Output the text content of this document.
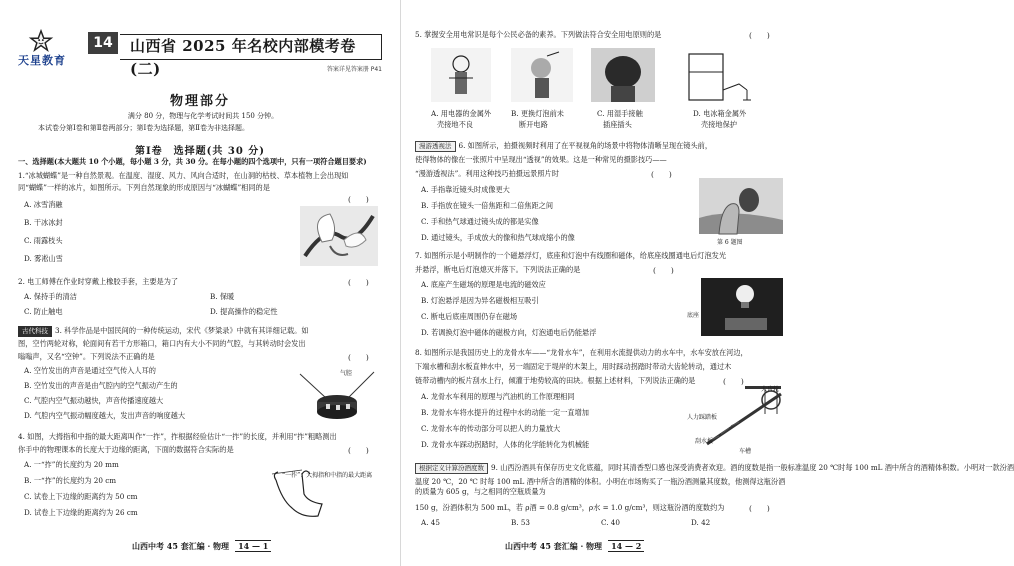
天星教育
14	山西省 2025 年名校内部模考卷(二)	答案详见答案册 P41
物理部分
满分 80 分，物理与化学考试时间共 150 分钟。
本试卷分第Ⅰ卷和第Ⅱ卷两部分；第Ⅰ卷为选择题，第Ⅱ卷为非选择题。
第Ⅰ卷　选择题(共 30 分)
一、选择题(本大题共 10 个小题，每小题 3 分，共 30 分。在每小题的四个选项中，只有一项符合题目要求)
1.“冰城蝴蝶”是一种自然景观。在温度、湿度、风力、风向合适时，在山洞的枯枝、草本植物上会出现如
同“蝴蝶”一样的冰片，如图所示。下列自然现象的形成原因与“冰蝴蝶”相同的是
(　　)
A. 冰雪消融
B. 干冰冰封
C. 雨露枝头
D. 雾凇山雪
2. 电工师傅在作业时穿戴上橡胶手套，主要是为了	(　　)
A. 保持手的清洁	B. 保暖
C. 防止触电	D. 提高操作的稳定性
古代科技 3. 科学作品是中国民间的一种传统运动，宋代《梦粱录》中就有其详细记载。如
图，空竹两轮对称，轮面间有若干方形箱口，箱口内有大小不同的气腔，与其转动时会发出
嗡嗡声，又名“空钟”。下列说法不正确的是	(　　)
A. 空竹发出的声音是通过空气传入人耳的
B. 空竹发出的声音是由气腔内的空气振动产生的
C. 气腔内空气振动越快，声音传播速度越大
D. 气腔内空气振动幅度越大，发出声音的响度越大
气腔
4. 如图，大拇指和中指的最大距离叫作“一拃”，拃根据经验估计“一拃”的长度，并利用“拃”粗略测出
你手中的物理课本的长度大于边缘的距离，下面的数据符合实际的是	(　　)
A. 一“拃”的长度约为 20 mm
B. 一“拃”的长度约为 20 cm
C. 试卷上下边缘的距离约为 50 cm
D. 试卷上下边缘的距离约为 26 cm
“一拃”：大拇指和中指的最大距离
山西中考 45 套汇编 · 物理 14 — 1
5. 掌握安全用电常识是每个公民必备的素养。下列做法符合安全用电原则的是	(　　)
A. 用电器的金属外
壳接地不良
B. 更换灯泡前未
断开电路
C. 用湿手接触
插座插头
D. 电冰箱金属外
壳接地保护
漫游透视法 6. 如图所示，拍摄视频时利用了在平视视角的场景中将物体清晰呈现在镜头前，
使得物体的像在一张照片中呈现出“透视”的效果。这是一种常见的摄影技巧——
“漫游透视法”。利用这种技巧拍摄远景照片时	(　　)
A. 手指靠近镜头时成像更大
B. 手指放在镜头一倍焦距和二倍焦距之间
C. 手和热气球通过镜头成的都是实像
D. 通过镜头，手成放大的像和热气球成缩小的像
第 6 题图
7. 如图所示是小明制作的一个磁悬浮灯，底座和灯泡中有线圈和磁体，给底座线圈通电后灯泡发光
并悬浮，断电后灯泡熄灭并落下。下列说法正确的是	(　　)
A. 底座产生磁场的原理是电流的磁效应
B. 灯泡悬浮是因为异名磁极相互吸引
C. 断电后底座周围仍存在磁场
D. 若调换灯泡中磁体的磁极方向，灯泡通电后仍能悬浮
底座
8. 如图所示是我国历史上的龙骨水车——“龙骨水车”，在利用水流提供动力的水车中，水车安放在河边，
下端水槽和刮水板直伸水中，另一端固定于堤岸的木架上，用时踩动拐踏时带动大齿轮转动，通过木
链带动槽内的板片刮水上行，倾灌于地势较高的田块。根据上述材料，下列说法正确的是	(　　)
A. 龙骨水车利用的原理与汽油机的工作原理相同
B. 龙骨水车将水提升的过程中水的动能一定一直增加
C. 龙骨水车的传动部分可以把人的力量放大
D. 龙骨水车踩动拐踏时，人体的化学能转化为机械能
大齿轮
人力踩踏板
刮水板
车槽
根据定义计算汾酒度数 9. 山西汾酒具有保存历史文化底蕴，同时其清香型口感也深受消费者欢迎。酒的度数是指一般标准温度 20 ℃时每 100 mL 酒中所含的酒精体积数。小明对一款汾酒
温度 20 ℃，20 ℃ 时每 100 mL 酒中所含的酒精的体积。小明在市场购买了一瓶汾酒测量其度数，他测得这瓶汾酒的质量为 605 g，与之相同的空瓶质量为
150 g，汾酒体积为 500 mL，若 ρ酒 = 0.8 g/cm³，ρ水 = 1.0 g/cm³，则这瓶汾酒的度数约为	(　　)
A. 45	B. 53	C. 40	D. 42
山西中考 45 套汇编 · 物理 14 — 2
